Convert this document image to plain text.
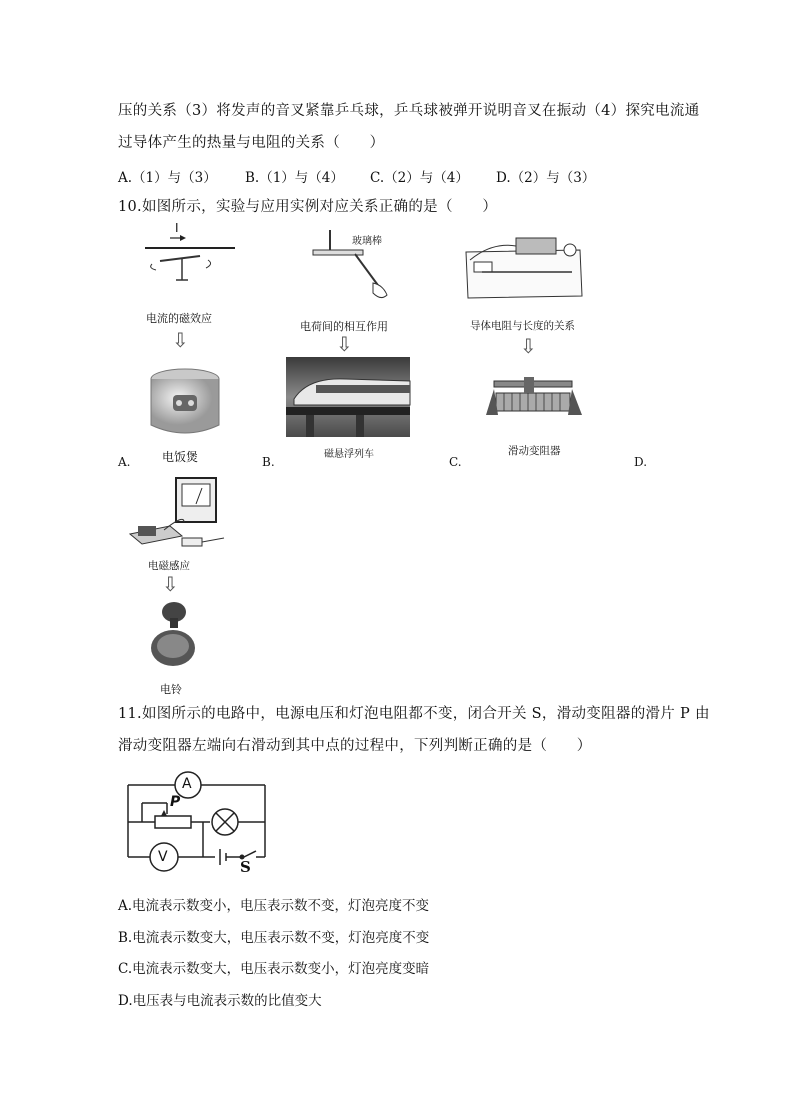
压的关系（3）将发声的音叉紧靠乒乓球，乒乓球被弹开说明音叉在振动（4）探究电流通
过导体产生的热量与电阻的关系（　　）
A.（1）与（3） B.（1）与（4） C.（2）与（4） D.（2）与（3）
10.如图所示，实验与应用实例对应关系正确的是（　　）
I
电流的磁效应
⇩
电饭煲
A.
玻璃棒
电荷间的相互作用
⇩
磁悬浮列车
B.
导体电阻与长度的关系
⇩
滑动变阻器
C.	D.
电磁感应
⇩
电铃
11.如图所示的电路中，电源电压和灯泡电阻都不变，闭合开关 S，滑动变阻器的滑片 P 由
滑动变阻器左端向右滑动到其中点的过程中，下列判断正确的是（　　）
A
V
P
S
A.电流表示数变小，电压表示数不变，灯泡亮度不变
B.电流表示数变大，电压表示数不变，灯泡亮度不变
C.电流表示数变大，电压表示数变小，灯泡亮度变暗
D.电压表与电流表示数的比值变大
